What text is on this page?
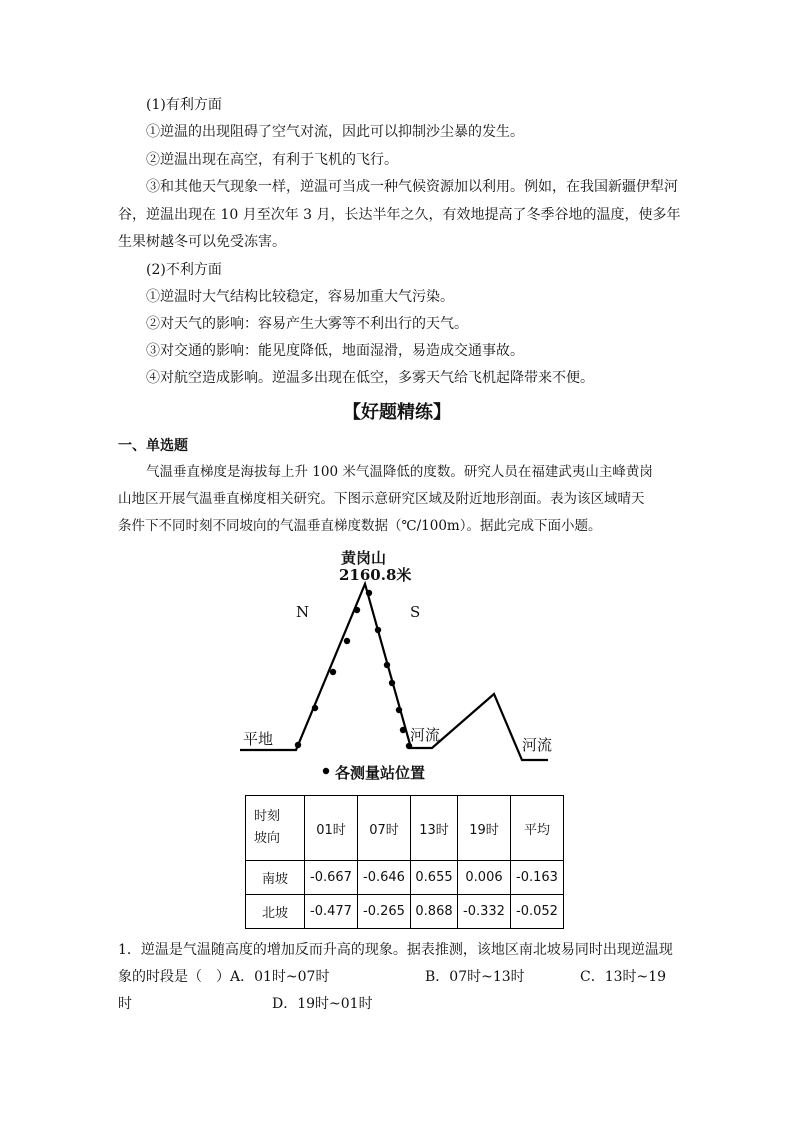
(1)有利方面
①逆温的出现阻碍了空气对流，因此可以抑制沙尘暴的发生。
②逆温出现在高空，有利于飞机的飞行。
③和其他天气现象一样，逆温可当成一种气候资源加以利用。例如，在我国新疆伊犁河
谷，逆温出现在 10 月至次年 3 月，长达半年之久，有效地提高了冬季谷地的温度，使多年
生果树越冬可以免受冻害。
(2)不利方面
①逆温时大气结构比较稳定，容易加重大气污染。
②对天气的影响：容易产生大雾等不利出行的天气。
③对交通的影响：能见度降低，地面湿滑，易造成交通事故。
④对航空造成影响。逆温多出现在低空，多雾天气给飞机起降带来不便。
【好题精练】
一、单选题
气温垂直梯度是海拔每上升 100 米气温降低的度数。研究人员在福建武夷山主峰黄岗
山地区开展气温垂直梯度相关研究。下图示意研究区域及附近地形剖面。表为该区域晴天
条件下不同时刻不同坡向的气温垂直梯度数据（℃/100m）。据此完成下面小题。
黄岗山
2160.8米
N	S
平地	河流
河流
各测量站位置
时刻
坡向	01时	07时	13时	19时	平均
南坡	-0.667	-0.646	0.655	0.006	-0.163
北坡	-0.477	-0.265	0.868	-0.332	-0.052
1．逆温是气温随高度的增加反而升高的现象。据表推测，该地区南北坡易同时出现逆温现
象的时段是（　）A．01时~07时	B．07时~13时	C．13时~19
时	D．19时~01时
